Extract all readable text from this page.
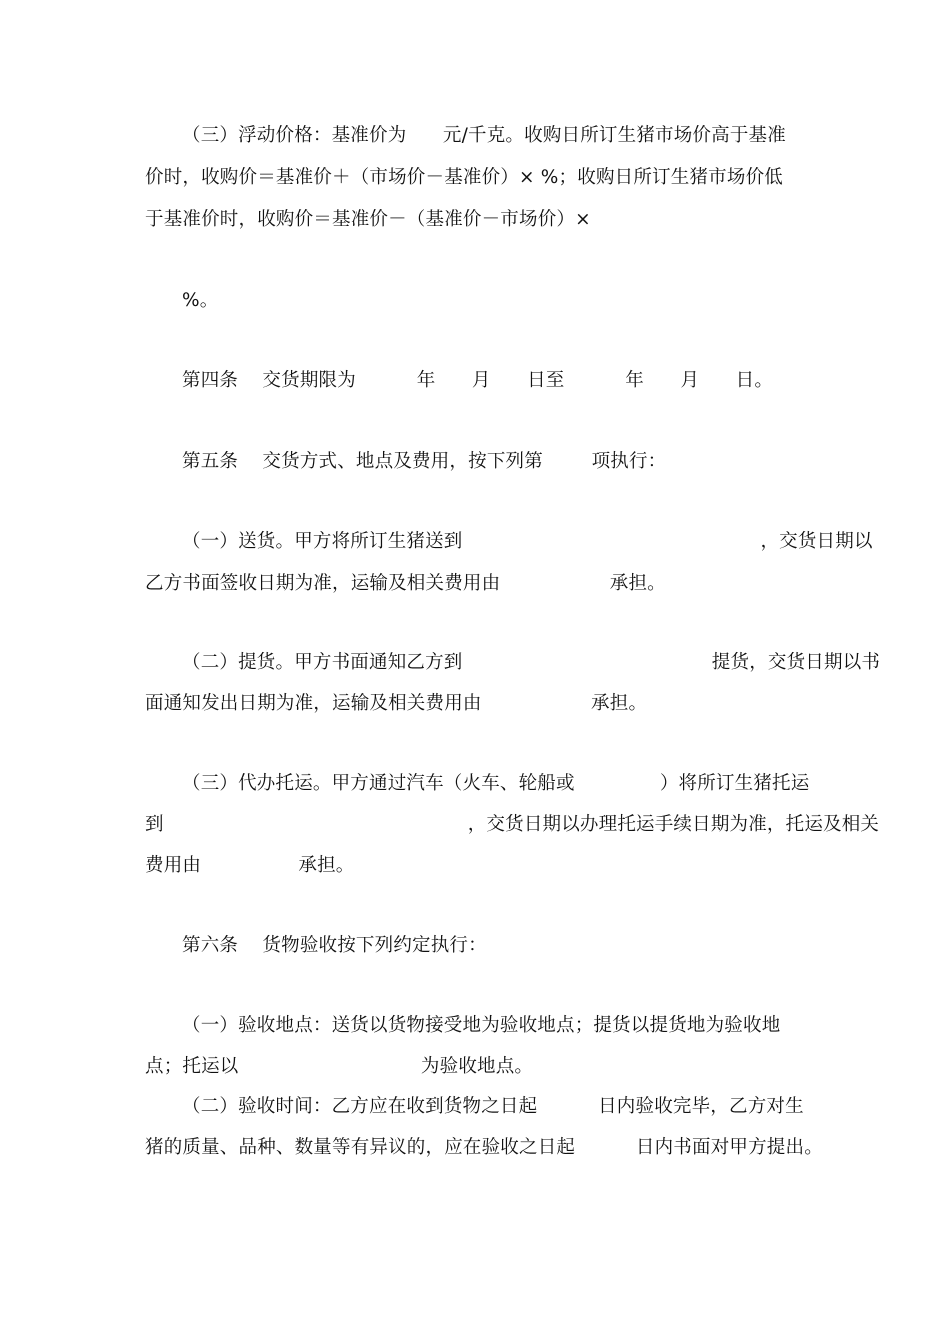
（三）浮动价格：基准价为      元/千克。收购日所订生猪市场价高于基准
价时，收购价＝基准价＋（市场价－基准价）× %；收购日所订生猪市场价低
于基准价时，收购价＝基准价－（基准价－市场价）×
%。
第四条    交货期限为          年      月      日至          年      月      日。
第五条    交货方式、地点及费用，按下列第        项执行：
（一）送货。甲方将所订生猪送到                                                 ，交货日期以
乙方书面签收日期为准，运输及相关费用由                  承担。
（二）提货。甲方书面通知乙方到                                         提货，交货日期以书
面通知发出日期为准，运输及相关费用由                  承担。
（三）代办托运。甲方通过汽车（火车、轮船或              ）将所订生猪托运
到                                                  ，交货日期以办理托运手续日期为准，托运及相关
费用由                承担。
第六条    货物验收按下列约定执行：
（一）验收地点：送货以货物接受地为验收地点；提货以提货地为验收地
点；托运以                              为验收地点。
（二）验收时间：乙方应在收到货物之日起          日内验收完毕，乙方对生
猪的质量、品种、数量等有异议的，应在验收之日起          日内书面对甲方提出。
